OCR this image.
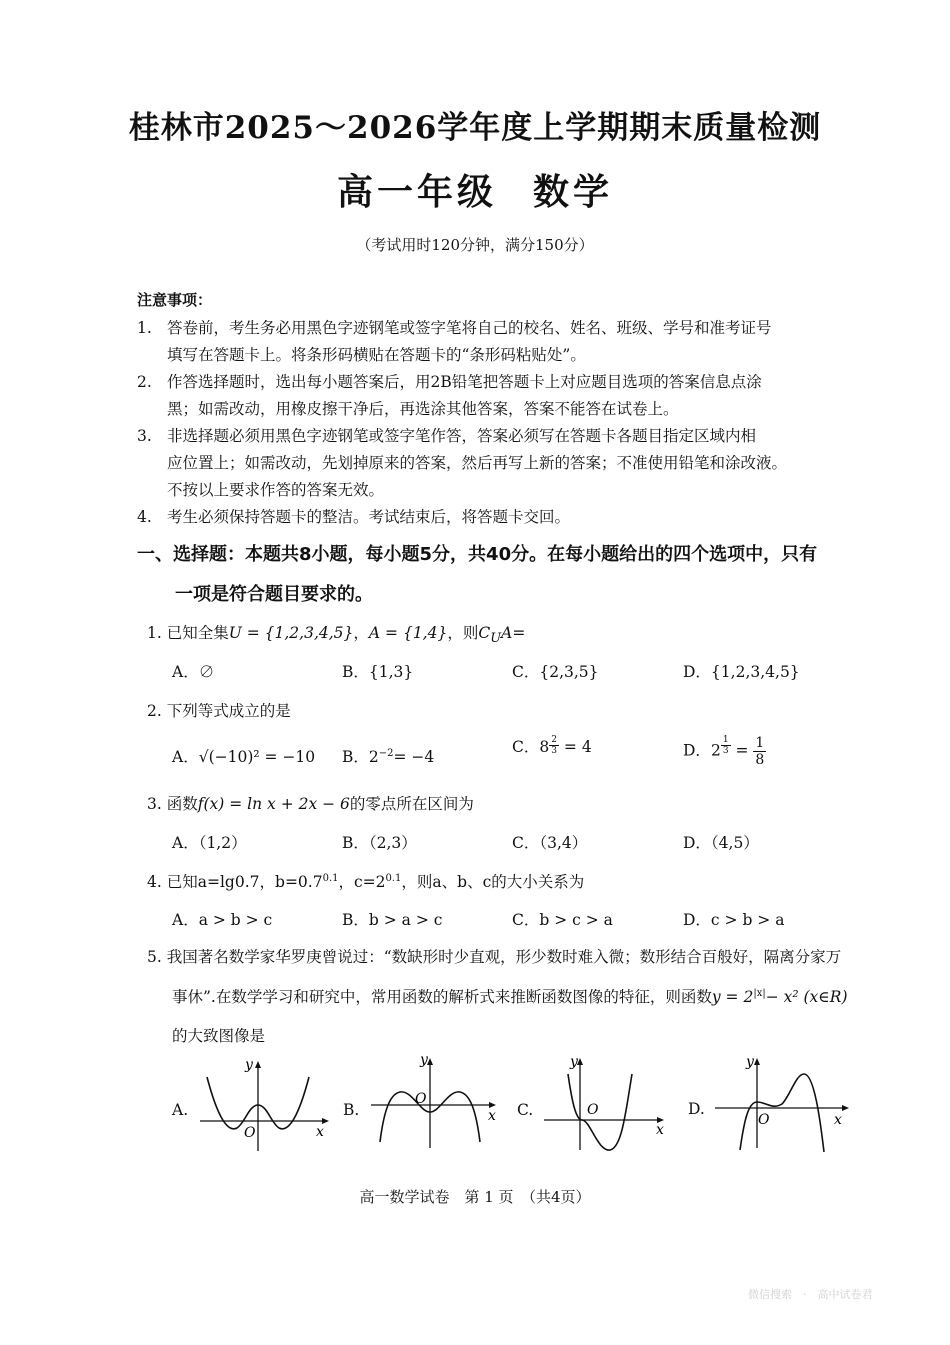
桂林市2025～2026学年度上学期期末质量检测
高一年级 数学
（考试用时120分钟，满分150分）
注意事项：
1. 答卷前，考生务必用黑色字迹钢笔或签字笔将自己的校名、姓名、班级、学号和准考证号
填写在答题卡上。将条形码横贴在答题卡的“条形码粘贴处”。
2. 作答选择题时，选出每小题答案后，用2B铅笔把答题卡上对应题目选项的答案信息点涂
黑；如需改动，用橡皮擦干净后，再选涂其他答案，答案不能答在试卷上。
3. 非选择题必须用黑色字迹钢笔或签字笔作答，答案必须写在答题卡各题目指定区域内相
应位置上；如需改动，先划掉原来的答案，然后再写上新的答案；不准使用铅笔和涂改液。
不按以上要求作答的答案无效。
4. 考生必须保持答题卡的整洁。考试结束后，将答题卡交回。
一、选择题：本题共8小题，每小题5分，共40分。在每小题给出的四个选项中，只有
一项是符合题目要求的。
1. 已知全集U = {1,2,3,4,5}，A = {1,4}，则$C_UA=$
A．∅	B．{1,3}	C．{2,3,5}	D．{1,2,3,4,5}
2. 下列等式成立的是
A．√(−10)² = −10 B．$2^{-2}= -4$
C．$8 \frac{2}{3} = 4$	D．$2 \frac{1}{3} = \frac{1}{8}$
3. 函数f(x) = ln x + 2x − 6的零点所在区间为
A．（1,2）	B．（2,3）	C．（3,4）	D．（4,5）
4. 已知a=lg0.7，$b=0.7^{0.1}$，$c=2^{0.1}$，则a、b、c的大小关系为
A．a > b > c	B．b > a > c	C．b > c > a	D．c > b > a
5. 我国著名数学家华罗庚曾说过：“数缺形时少直观，形少数时难入微；数形结合百般好，隔离分家万
事休”.在数学学习和研究中，常用函数的解析式来推断函数图像的特征，则函数$y = 2^{|x|}- x^2$ (x∈R)
的大致图像是
A.	B.	C.	D.
y
x
O
y
x
O
y
x
O
y
x
O
高一数学试卷　第 1 页　（共4页）
微信搜索　·　高中试卷君
